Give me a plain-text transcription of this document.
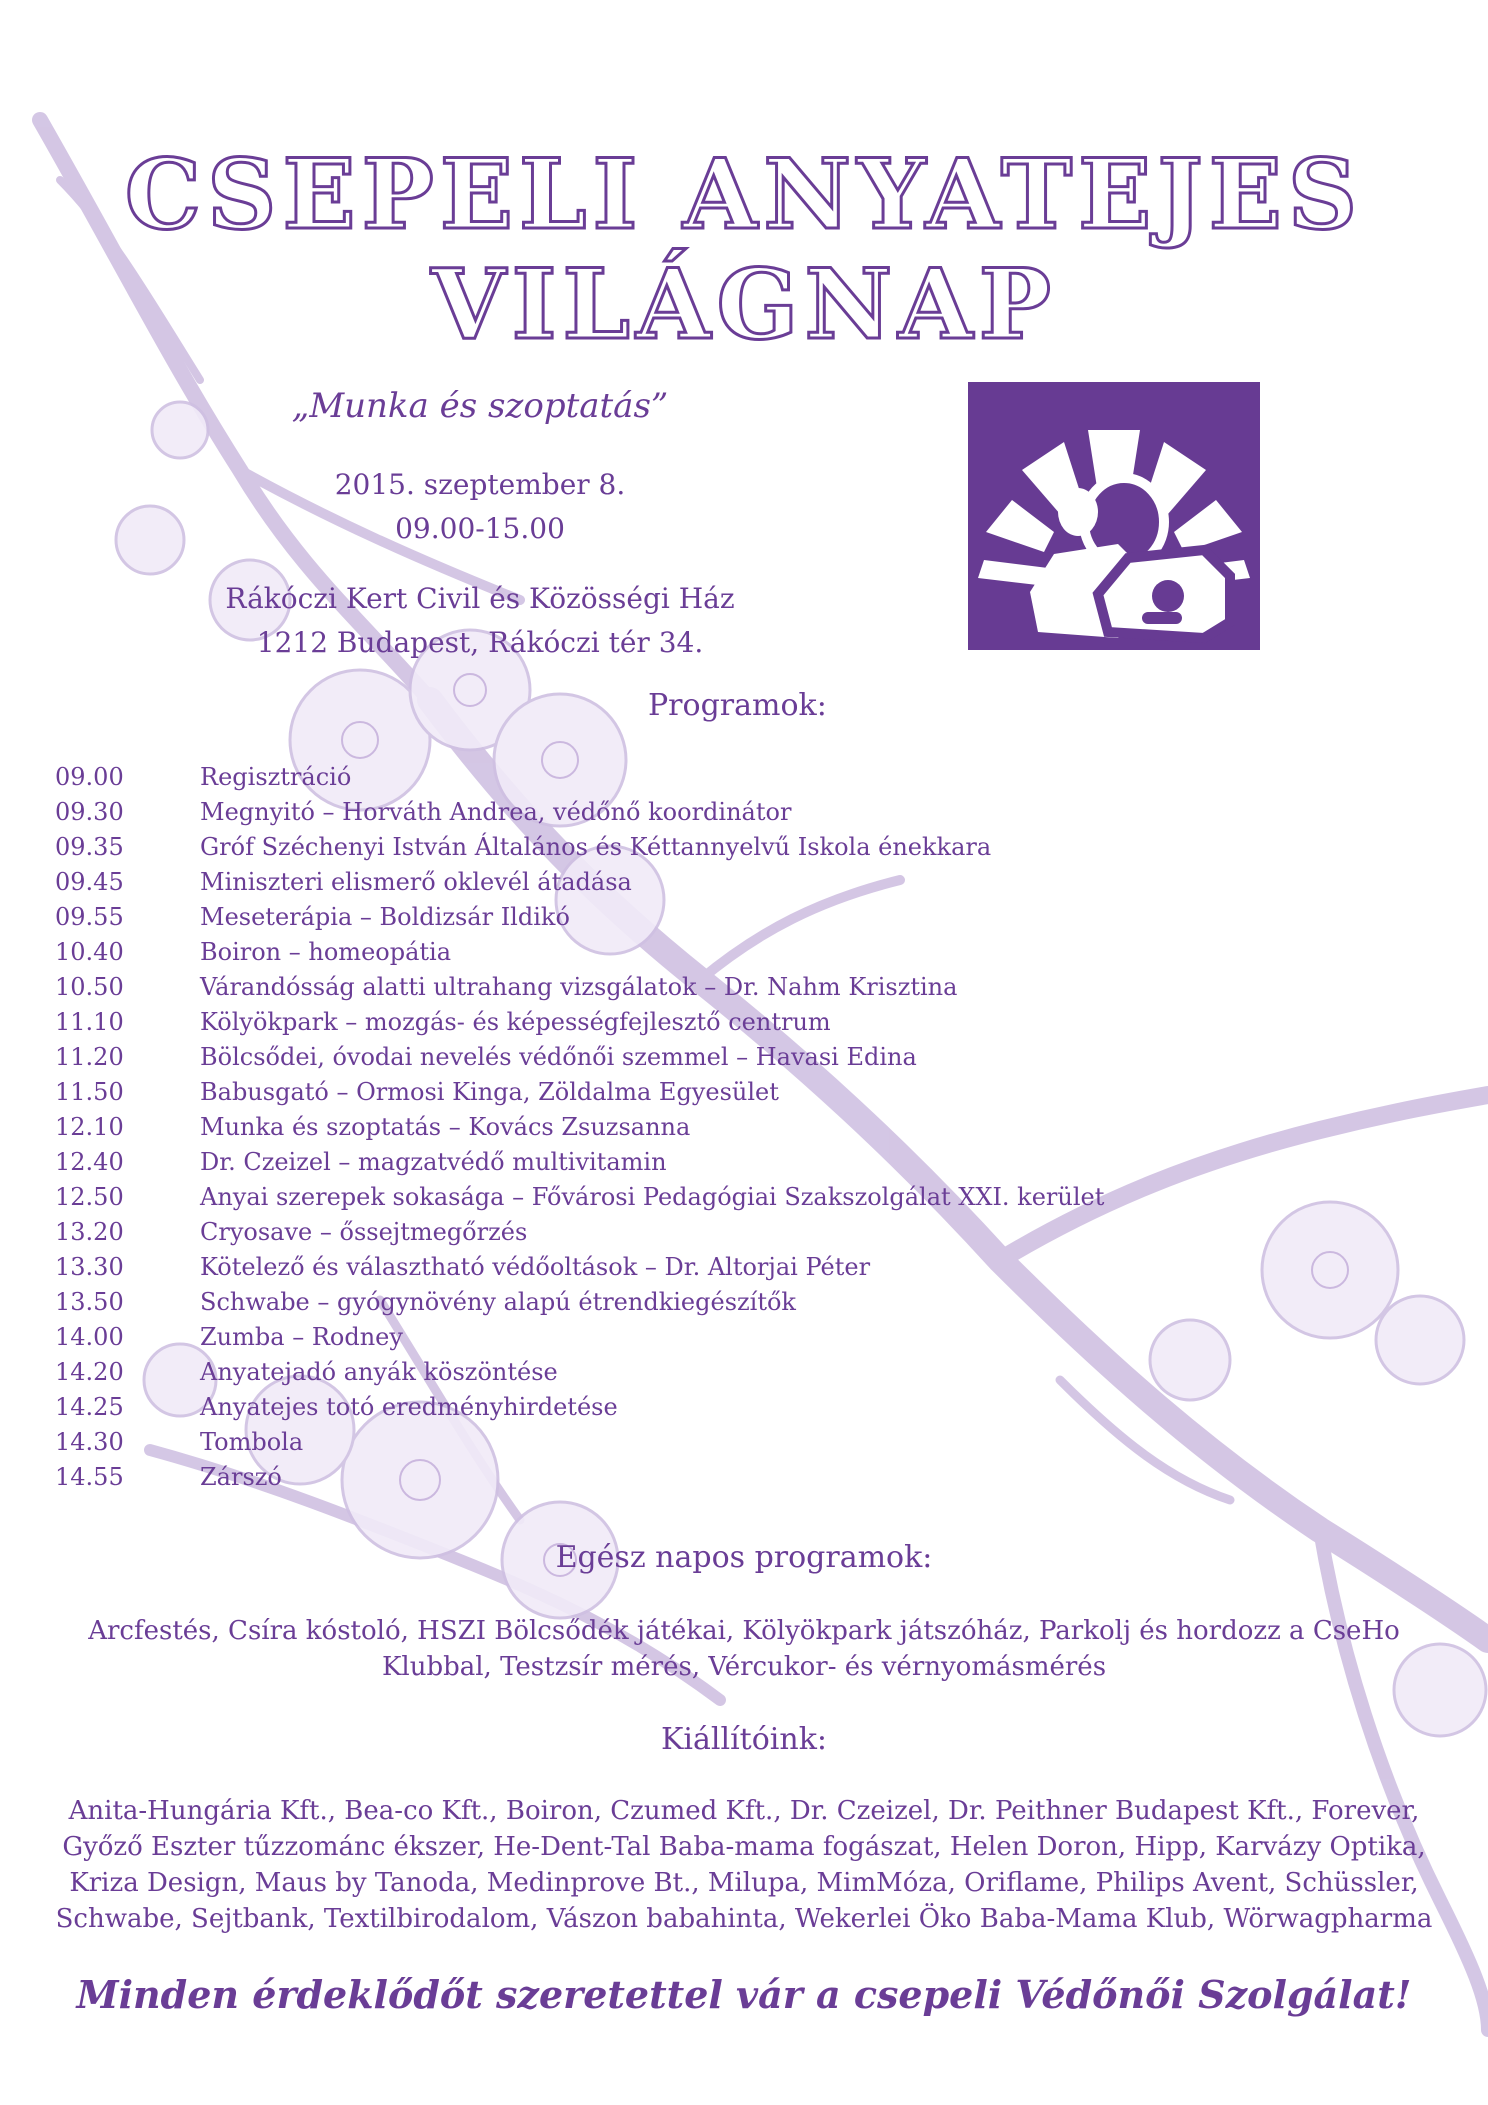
CSEPELI ANYATEJES
VILÁGNAP
„Munka és szoptatás”
2015. szeptember 8.
09.00-15.00
Rákóczi Kert Civil és Közösségi Ház
1212 Budapest, Rákóczi tér 34.
Programok:
09.00	Regisztráció
09.30	Megnyitó – Horváth Andrea, védőnő koordinátor
09.35	Gróf Széchenyi István Általános és Kéttannyelvű Iskola énekkara
09.45	Miniszteri elismerő oklevél átadása
09.55	Meseterápia – Boldizsár Ildikó
10.40	Boiron – homeopátia
10.50	Várandósság alatti ultrahang vizsgálatok – Dr. Nahm Krisztina
11.10	Kölyökpark – mozgás- és képességfejlesztő centrum
11.20	Bölcsődei, óvodai nevelés védőnői szemmel – Havasi Edina
11.50	Babusgató – Ormosi Kinga, Zöldalma Egyesület
12.10	Munka és szoptatás – Kovács Zsuzsanna
12.40	Dr. Czeizel – magzatvédő multivitamin
12.50	Anyai szerepek sokasága – Fővárosi Pedagógiai Szakszolgálat XXI. kerület
13.20	Cryosave – őssejtmegőrzés
13.30	Kötelező és választható védőoltások – Dr. Altorjai Péter
13.50	Schwabe – gyógynövény alapú étrendkiegészítők
14.00	Zumba – Rodney
14.20	Anyatejadó anyák köszöntése
14.25	Anyatejes totó eredményhirdetése
14.30	Tombola
14.55	Zárszó
Egész napos programok:
Arcfestés, Csíra kóstoló, HSZI Bölcsődék játékai, Kölyökpark játszóház, Parkolj és hordozz a CseHo
Klubbal, Testzsír mérés, Vércukor- és vérnyomásmérés
Kiállítóink:
Anita-Hungária Kft., Bea-co Kft., Boiron, Czumed Kft., Dr. Czeizel, Dr. Peithner Budapest Kft., Forever,
Győző Eszter tűzzománc ékszer, He-Dent-Tal Baba-mama fogászat, Helen Doron, Hipp, Karvázy Optika,
Kriza Design, Maus by Tanoda, Medinprove Bt., Milupa, MimMóza, Oriflame, Philips Avent, Schüssler,
Schwabe, Sejtbank, Textilbirodalom, Vászon babahinta, Wekerlei Öko Baba-Mama Klub, Wörwagpharma
Minden érdeklődőt szeretettel vár a csepeli Védőnői Szolgálat!
